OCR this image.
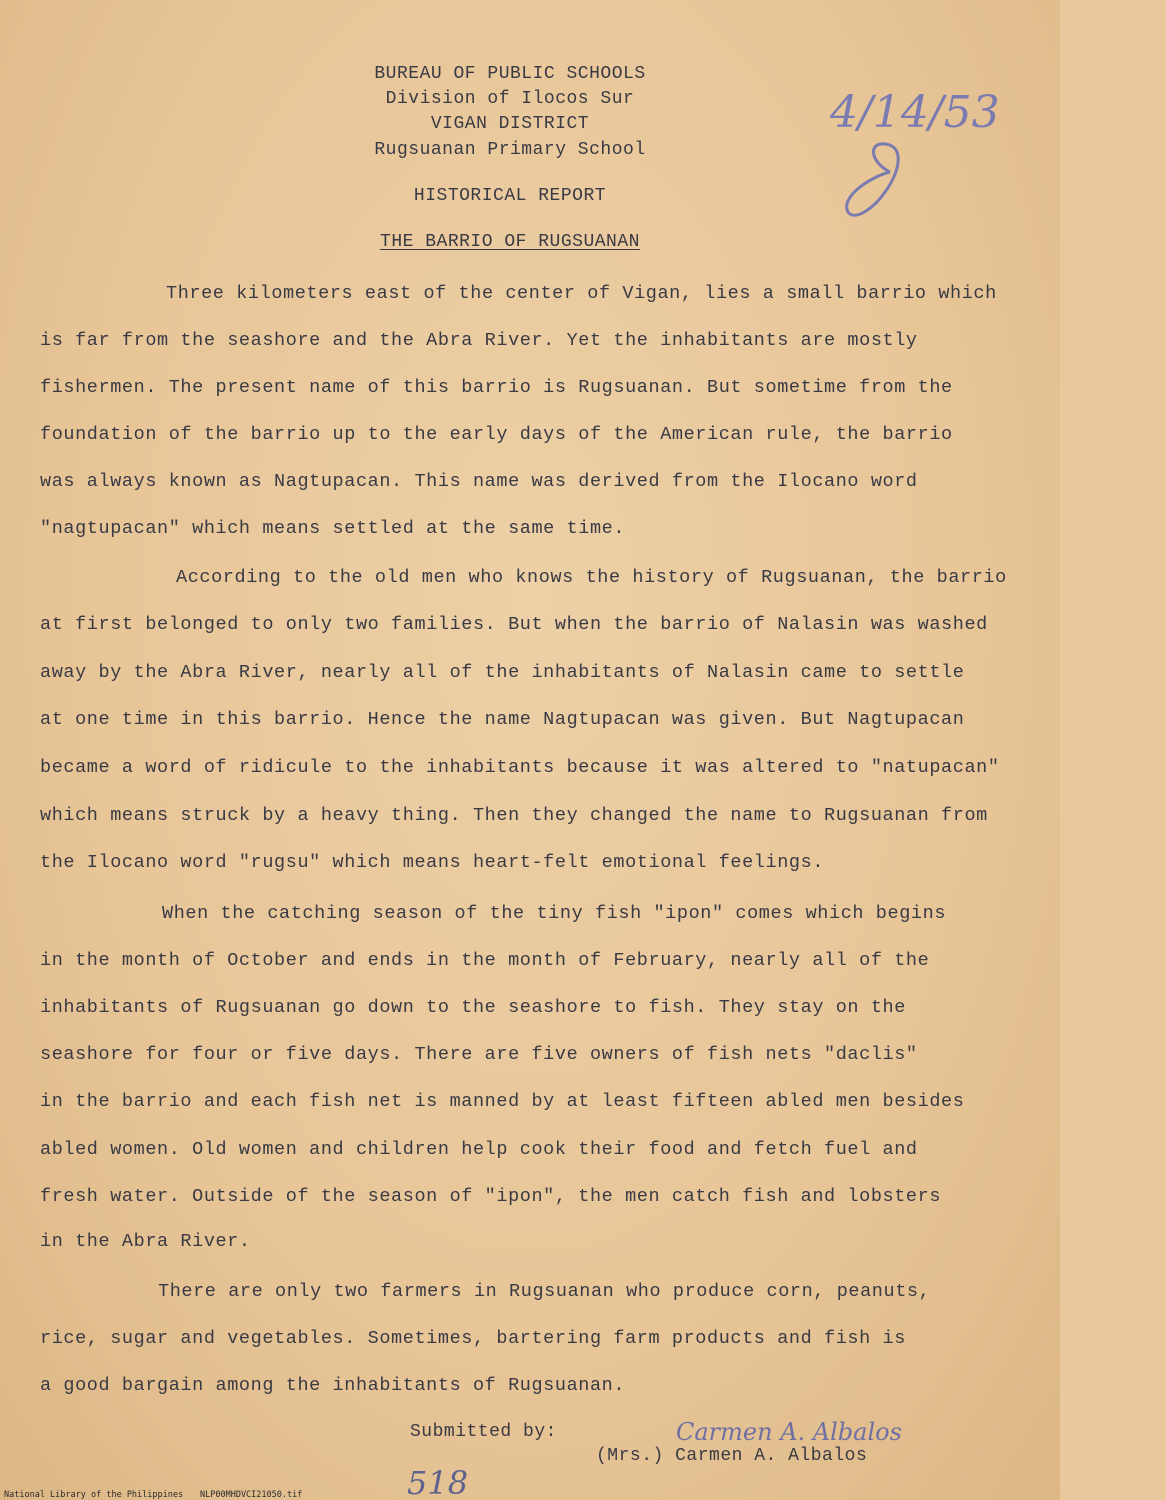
BUREAU OF PUBLIC SCHOOLS
Division of Ilocos Sur
VIGAN DISTRICT
Rugsuanan Primary School
HISTORICAL REPORT
THE BARRIO OF RUGSUANAN
4/14/53
Three kilometers east of the center of Vigan, lies a small barrio which
is far from the seashore and the Abra River. Yet the inhabitants are mostly
fishermen. The present name of this barrio is Rugsuanan. But sometime from the
foundation of the barrio up to the early days of the American rule, the barrio
was always known as Nagtupacan. This name was derived from the Ilocano word
"nagtupacan" which means settled at the same time.
According to the old men who knows the history of Rugsuanan, the barrio
at first belonged to only two families. But when the barrio of Nalasin was washed
away by the Abra River, nearly all of the inhabitants of Nalasin came to settle
at one time in this barrio. Hence the name Nagtupacan was given. But Nagtupacan
became a word of ridicule to the inhabitants because it was altered to "natupacan"
which means struck by a heavy thing. Then they changed the name to Rugsuanan from
the Ilocano word "rugsu" which means heart-felt emotional feelings.
When the catching season of the tiny fish "ipon" comes which begins
in the month of October and ends in the month of February, nearly all of the
inhabitants of Rugsuanan go down to the seashore to fish. They stay on the
seashore for four or five days. There are five owners of fish nets "daclis"
in the barrio and each fish net is manned by at least fifteen abled men besides
abled women. Old women and children help cook their food and fetch fuel and
fresh water. Outside of the season of "ipon", the men catch fish and lobsters
in the Abra River.
There are only two farmers in Rugsuanan who produce corn, peanuts,
rice, sugar and vegetables. Sometimes, bartering farm products and fish is
a good bargain among the inhabitants of Rugsuanan.
Submitted by:	Carmen A. Albalos
(Mrs.) Carmen A. Albalos
518
National Library of the Philippines NLP00MHDVCI21050.tif
